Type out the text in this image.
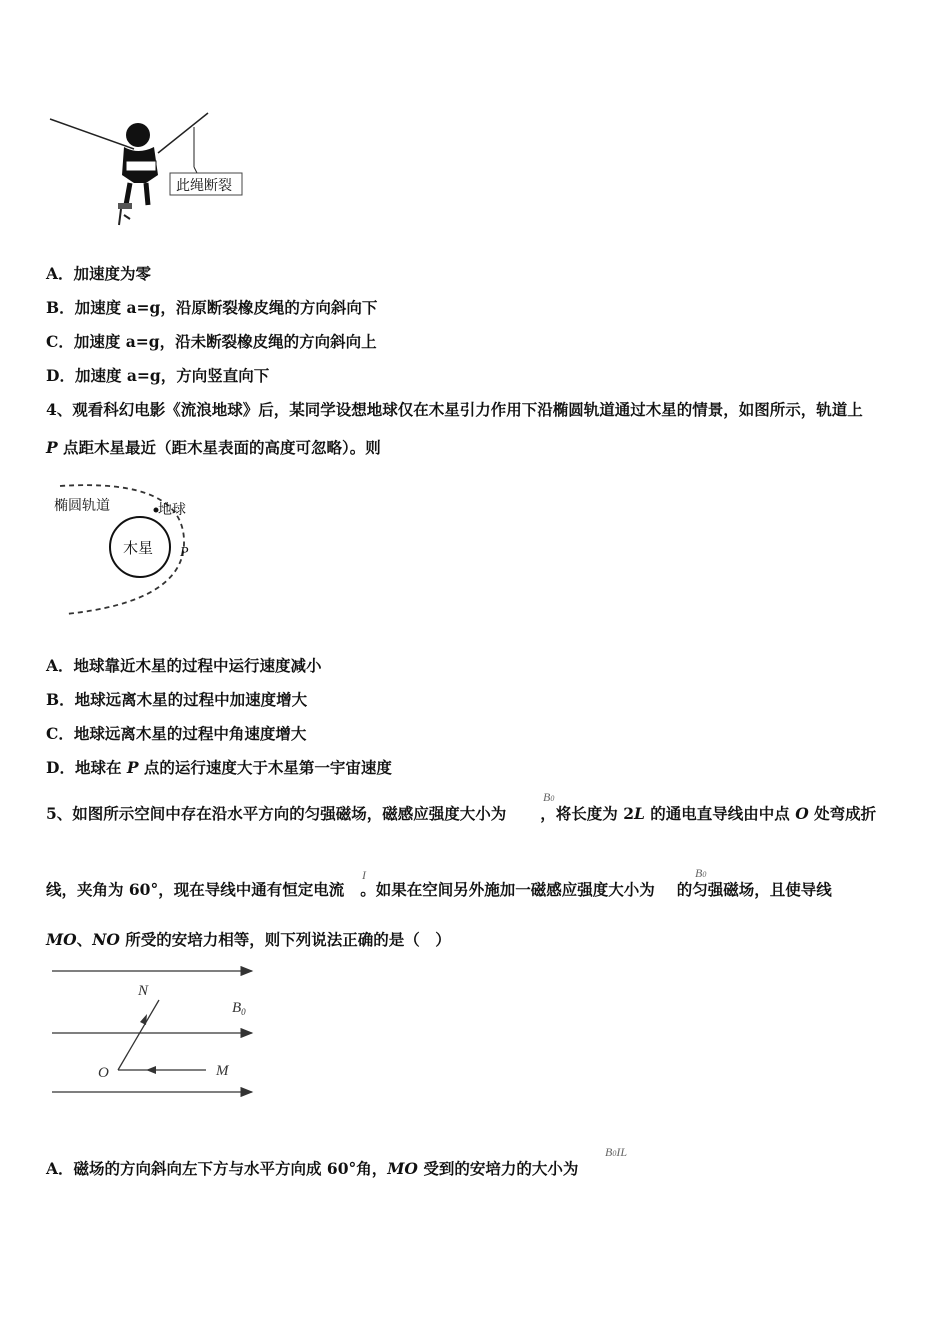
此绳断裂
A．加速度为零
B．加速度 a=g，沿原断裂橡皮绳的方向斜向下
C．加速度 a=g，沿未断裂橡皮绳的方向斜向上
D．加速度 a=g，方向竖直向下
4、观看科幻电影《流浪地球》后，某同学设想地球仅在木星引力作用下沿椭圆轨道通过木星的情景，如图所示，轨道上
P 点距木星最近（距木星表面的高度可忽略）。则
木星
椭圆轨道	地球
P
A．地球靠近木星的过程中运行速度减小
B．地球远离木星的过程中加速度增大
C．地球远离木星的过程中角速度增大
D．地球在 P 点的运行速度大于木星第一宇宙速度
5、如图所示空间中存在沿水平方向的匀强磁场，磁感应强度大小为 ，将长度为 2L 的通电直导线由中点 O 处弯成折
B0
线，夹角为 60°，现在导线中通有恒定电流 。如果在空间另外施加一磁感应强度大小为 的匀强磁场，且使导线
I	B0
MO、NO 所受的安培力相等，则下列说法正确的是（　）
N
O	M
$B_0$
A．磁场的方向斜向左下方与水平方向成 60°角，MO 受到的安培力的大小为
B0IL
